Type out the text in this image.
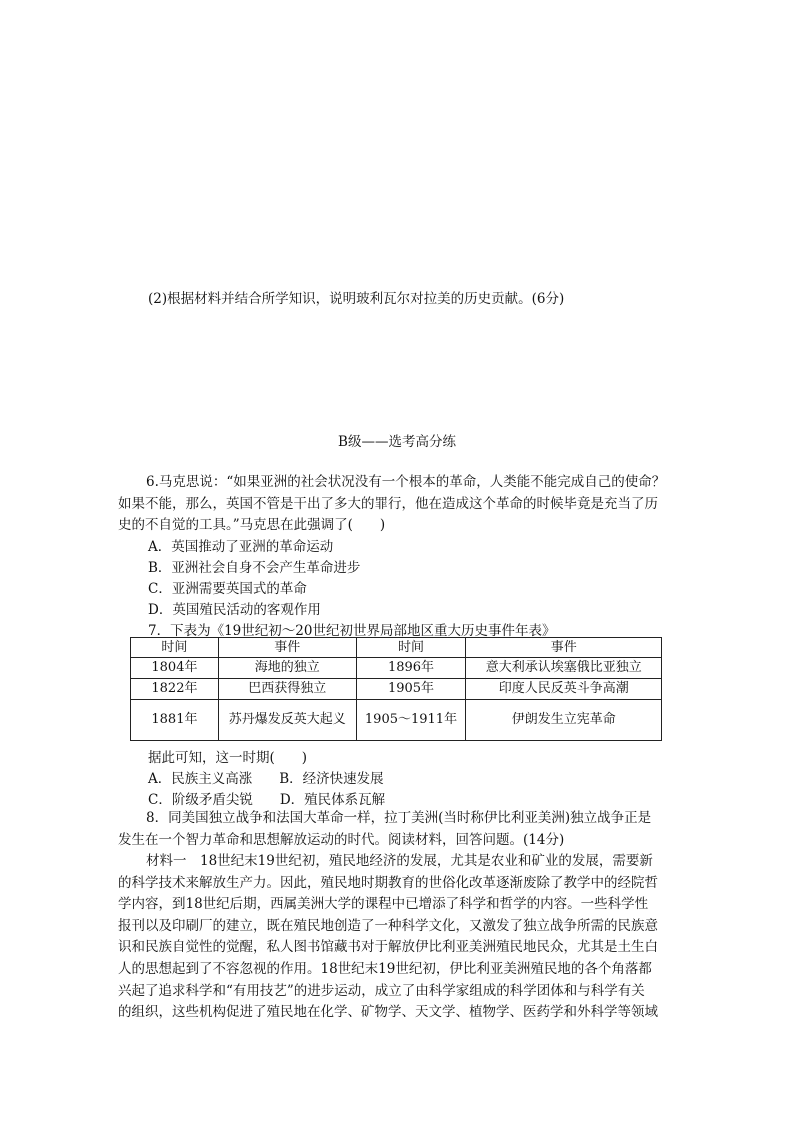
(2)根据材料并结合所学知识，说明玻利瓦尔对拉美的历史贡献。(6分)
B级——选考高分练
6.马克思说：“如果亚洲的社会状况没有一个根本的革命，人类能不能完成自己的使命？
如果不能，那么，英国不管是干出了多大的罪行，他在造成这个革命的时候毕竟是充当了历
史的不自觉的工具。”马克思在此强调了(　　)
A．英国推动了亚洲的革命运动
B．亚洲社会自身不会产生革命进步
C．亚洲需要英国式的革命
D．英国殖民活动的客观作用
7．下表为《19世纪初～20世纪初世界局部地区重大历史事件年表》
时间	事件	时间	事件
1804年	海地的独立	1896年	意大利承认埃塞俄比亚独立
1822年	巴西获得独立	1905年	印度人民反英斗争高潮
1881年	苏丹爆发反英大起义	1905～1911年	伊朗发生立宪革命
据此可知，这一时期(　　)
A．民族主义高涨　　B．经济快速发展
C．阶级矛盾尖锐　　D．殖民体系瓦解
8．同美国独立战争和法国大革命一样，拉丁美洲(当时称伊比利亚美洲)独立战争正是
发生在一个智力革命和思想解放运动的时代。阅读材料，回答问题。(14分)
材料一　18世纪末19世纪初，殖民地经济的发展，尤其是农业和矿业的发展，需要新
的科学技术来解放生产力。因此，殖民地时期教育的世俗化改革逐渐废除了教学中的经院哲
学内容，到18世纪后期，西属美洲大学的课程中已增添了科学和哲学的内容。一些科学性
报刊以及印刷厂的建立，既在殖民地创造了一种科学文化，又激发了独立战争所需的民族意
识和民族自觉性的觉醒，私人图书馆藏书对于解放伊比利亚美洲殖民地民众，尤其是土生白
人的思想起到了不容忽视的作用。18世纪末19世纪初，伊比利亚美洲殖民地的各个角落都
兴起了追求科学和“有用技艺”的进步运动，成立了由科学家组成的科学团体和与科学有关
的组织，这些机构促进了殖民地在化学、矿物学、天文学、植物学、医药学和外科学等领域
